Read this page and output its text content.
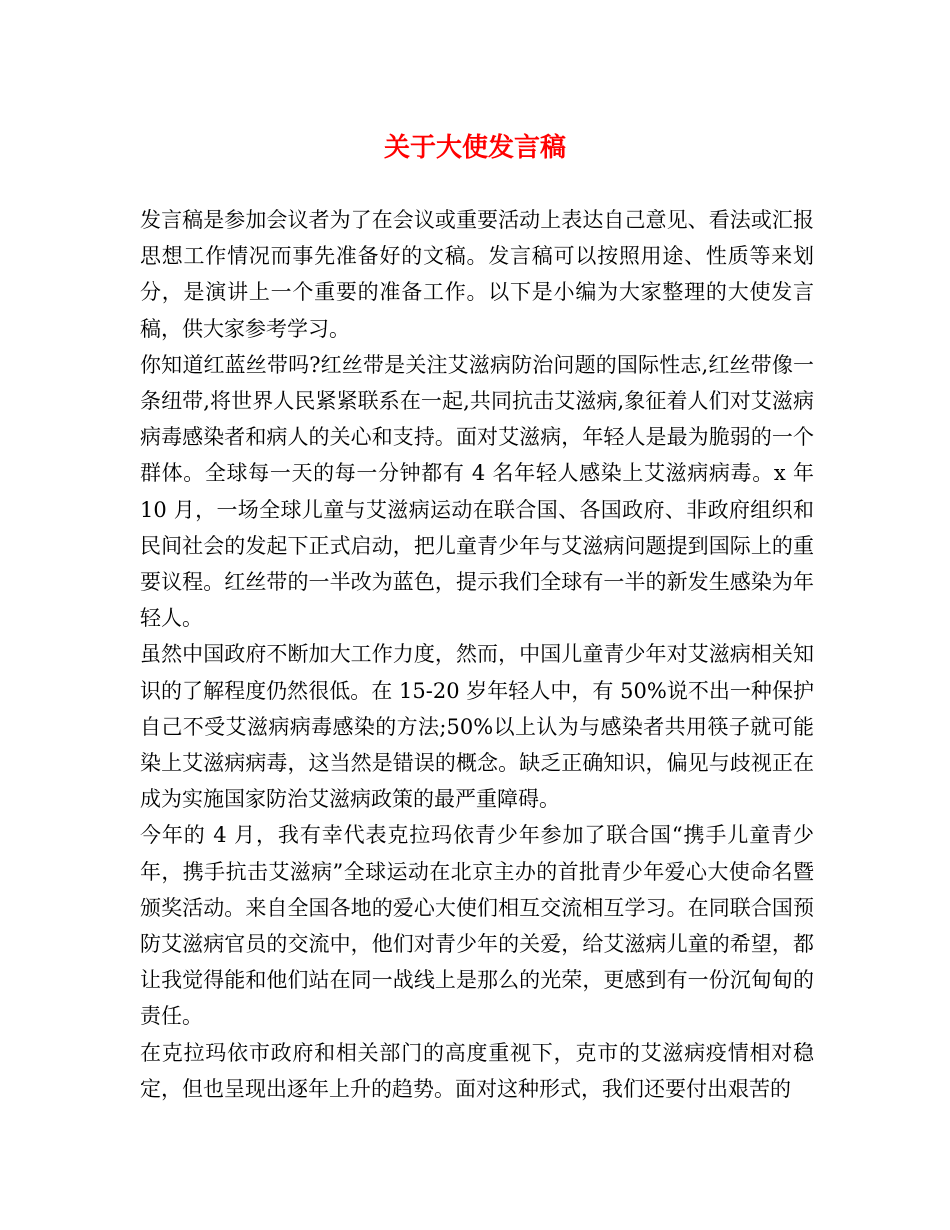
关于大使发言稿

发言稿是参加会议者为了在会议或重要活动上表达自己意见、看法或汇报思想工作情况而事先准备好的文稿。发言稿可以按照用途、性质等来划分，是演讲上一个重要的准备工作。以下是小编为大家整理的大使发言稿，供大家参考学习。

你知道红蓝丝带吗?红丝带是关注艾滋病防治问题的国际性志,红丝带像一条纽带,将世界人民紧紧联系在一起,共同抗击艾滋病,象征着人们对艾滋病病毒感染者和病人的关心和支持。面对艾滋病，年轻人是最为脆弱的一个群体。全球每一天的每一分钟都有 4 名年轻人感染上艾滋病病毒。x 年 10 月，一场全球儿童与艾滋病运动在联合国、各国政府、非政府组织和民间社会的发起下正式启动，把儿童青少年与艾滋病问题提到国际上的重要议程。红丝带的一半改为蓝色，提示我们全球有一半的新发生感染为年轻人。

虽然中国政府不断加大工作力度，然而，中国儿童青少年对艾滋病相关知识的了解程度仍然很低。在 15-20 岁年轻人中，有 50%说不出一种保护自己不受艾滋病病毒感染的方法;50%以上认为与感染者共用筷子就可能染上艾滋病病毒，这当然是错误的概念。缺乏正确知识，偏见与歧视正在成为实施国家防治艾滋病政策的最严重障碍。

今年的 4 月，我有幸代表克拉玛依青少年参加了联合国“携手儿童青少年，携手抗击艾滋病”全球运动在北京主办的首批青少年爱心大使命名暨颁奖活动。来自全国各地的爱心大使们相互交流相互学习。在同联合国预防艾滋病官员的交流中，他们对青少年的关爱，给艾滋病儿童的希望，都让我觉得能和他们站在同一战线上是那么的光荣，更感到有一份沉甸甸的责任。

在克拉玛依市政府和相关部门的高度重视下，克市的艾滋病疫情相对稳定，但也呈现出逐年上升的趋势。面对这种形式，我们还要付出艰苦的
